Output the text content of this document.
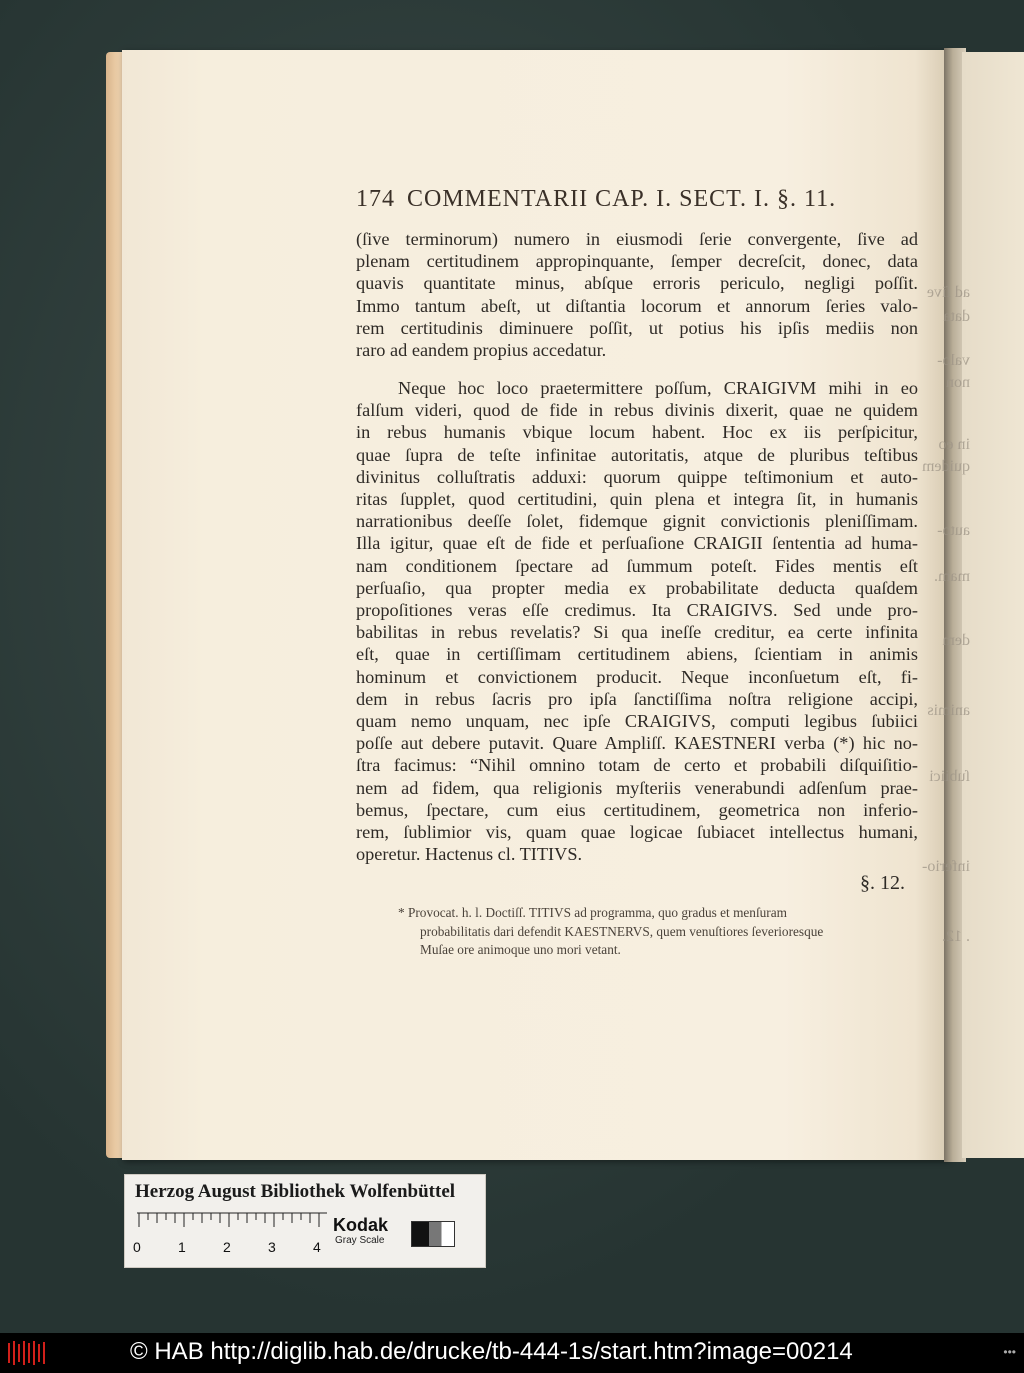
ad ſive
data
valo-
non
in eo
quidem
auto-
mam.
dem
animis
ſubiici
inferio-
. 12.
174 COMMENTARII CAP. I. SECT. I. §. 11.
(ſive terminorum) numero in eiusmodi ſerie convergente, ſive ad
plenam certitudinem appropinquante, ſemper decreſcit, donec, data
quavis quantitate minus, abſque erroris periculo, negligi poſſit.
Immo tantum abeſt, ut diſtantia locorum et annorum ſeries valo-
rem certitudinis diminuere poſſit, ut potius his ipſis mediis non
raro ad eandem propius accedatur.
Neque hoc loco praetermittere poſſum, CRAIGIVM mihi in eo
falſum videri, quod de fide in rebus divinis dixerit, quae ne quidem
in rebus humanis vbique locum habent. Hoc ex iis perſpicitur,
quae ſupra de teſte infinitae autoritatis, atque de pluribus teſtibus
divinitus colluſtratis adduxi: quorum quippe teſtimonium et auto-
ritas ſupplet, quod certitudini, quin plena et integra ſit, in humanis
narrationibus deeſſe ſolet, fidemque gignit convictionis pleniſſimam.
Illa igitur, quae eſt de fide et perſuaſione CRAIGII ſententia ad huma-
nam conditionem ſpectare ad ſummum poteſt. Fides mentis eſt
perſuaſio, qua propter media ex probabilitate deducta quaſdem
propoſitiones veras eſſe credimus. Ita CRAIGIVS. Sed unde pro-
babilitas in rebus revelatis? Si qua ineſſe creditur, ea certe infinita
eſt, quae in certiſſimam certitudinem abiens, ſcientiam in animis
hominum et convictionem producit. Neque inconſuetum eſt, fi-
dem in rebus ſacris pro ipſa ſanctiſſima noſtra religione accipi,
quam nemo unquam, nec ipſe CRAIGIVS, computi legibus ſubiici
poſſe aut debere putavit. Quare Ampliſſ. KAESTNERI verba (*) hic no-
ſtra facimus: “Nihil omnino totam de certo et probabili diſquiſitio-
nem ad fidem, qua religionis myſteriis venerabundi adſenſum prae-
bemus, ſpectare, cum eius certitudinem, geometrica non inferio-
rem, ſublimior vis, quam quae logicae ſubiacet intellectus humani,
operetur. Hactenus cl. TITIVS.
§. 12.
* Provocat. h. l. Doctiſſ. TITIVS ad programma, quo gradus et menſuram
probabilitatis dari defendit KAESTNERVS, quem venuſtiores ſeverioresque
Muſae ore animoque uno mori vetant.
Herzog August Bibliothek Wolfenbüttel
0	1	2	3	4
Kodak
Gray Scale
© HAB http://diglib.hab.de/drucke/tb-444-1s/start.htm?image=00214	•••
